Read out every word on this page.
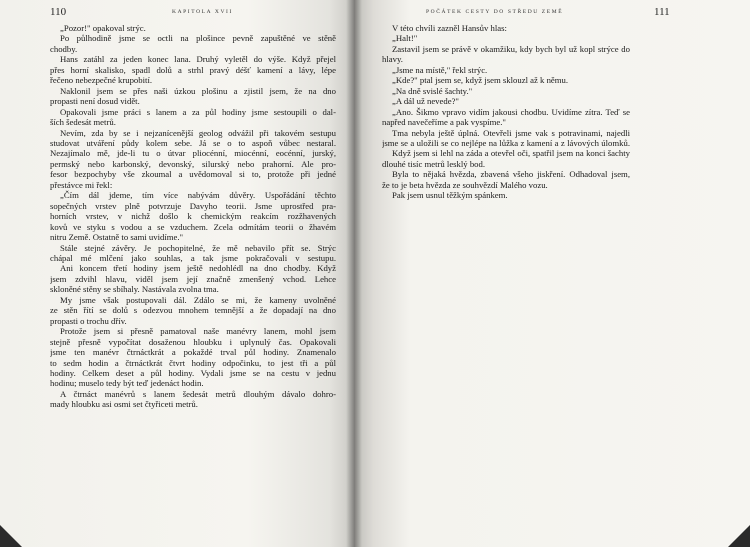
110	KAPITOLA XVII
„Pozor!" opakoval strýc.
Po půlhodině jsme se octli na plošince pevně zapuštěné ve stěně
chodby.
Hans zatáhl za jeden konec lana. Druhý vyletěl do výše. Když přejel
přes horní skalisko, spadl dolů a strhl pravý déšť kamení a lávy, lépe
řečeno nebezpečné krupobití.
Naklonil jsem se přes naši úzkou plošinu a zjistil jsem, že na dno
propasti není dosud vidět.
Opakovali jsme práci s lanem a za půl hodiny jsme sestoupili o dal-
ších šedesát metrů.
Nevím, zda by se i nejzanícenější geolog odvážil při takovém sestupu
studovat utváření půdy kolem sebe. Já se o to aspoň vůbec nestaral.
Nezajímalo mě, jde-li tu o útvar pliocénní, miocénní, eocénní, jurský,
permský nebo karbonský, devonský, silurský nebo prahorní. Ale pro-
fesor bezpochyby vše zkoumal a uvědomoval si to, protože při jedné
přestávce mi řekl:
„Čím dál jdeme, tím více nabývám důvěry. Uspořádání těchto
sopečných vrstev plně potvrzuje Davyho teorii. Jsme uprostřed pra-
horních vrstev, v nichž došlo k chemickým reakcím rozžhavených
kovů ve styku s vodou a se vzduchem. Zcela odmítám teorii o žhavém
nitru Země. Ostatně to sami uvidíme."
Stále stejné závěry. Je pochopitelné, že mě nebavilo přít se. Strýc
chápal mé mlčení jako souhlas, a tak jsme pokračovali v sestupu.
Ani koncem třetí hodiny jsem ještě nedohlédl na dno chodby. Když
jsem zdvihl hlavu, viděl jsem její značně zmenšený vchod. Lehce
skloněné stěny se sbíhaly. Nastávala zvolna tma.
My jsme však postupovali dál. Zdálo se mi, že kameny uvolněné
ze stěn řítí se dolů s odezvou mnohem temnější a že dopadají na dno
propasti o trochu dřív.
Protože jsem si přesně pamatoval naše manévry lanem, mohl jsem
stejně přesně vypočítat dosaženou hloubku i uplynulý čas. Opakovali
jsme ten manévr čtrnáctkrát a pokaždé trval půl hodiny. Znamenalo
to sedm hodin a čtrnáctkrát čtvrt hodiny odpočinku, to jest tři a půl
hodiny. Celkem deset a půl hodiny. Vydali jsme se na cestu v jednu
hodinu; muselo tedy být teď jedenáct hodin.
A čtrnáct manévrů s lanem šedesát metrů dlouhým dávalo dohro-
mady hloubku asi osmi set čtyřiceti metrů.
POČÁTEK CESTY DO STŘEDU ZEMĚ	111
V této chvíli zazněl Hansův hlas:
„Halt!"
Zastavil jsem se právě v okamžiku, kdy bych byl už kopl strýce do
hlavy.
„Jsme na místě," řekl strýc.
„Kde?" ptal jsem se, když jsem sklouzl až k němu.
„Na dně svislé šachty."
„A dál už nevede?"
„Ano. Šikmo vpravo vidím jakousi chodbu. Uvidíme zítra. Teď se
napřed navečeříme a pak vyspíme."
Tma nebyla ještě úplná. Otevřeli jsme vak s potravinami, najedli
jsme se a uložili se co nejlépe na lůžka z kamení a z lávových úlomků.
Když jsem si lehl na záda a otevřel oči, spatřil jsem na konci šachty
dlouhé tisíc metrů lesklý bod.
Byla to nějaká hvězda, zbavená všeho jiskření. Odhadoval jsem,
že to je beta hvězda ze souhvězdí Malého vozu.
Pak jsem usnul těžkým spánkem.
